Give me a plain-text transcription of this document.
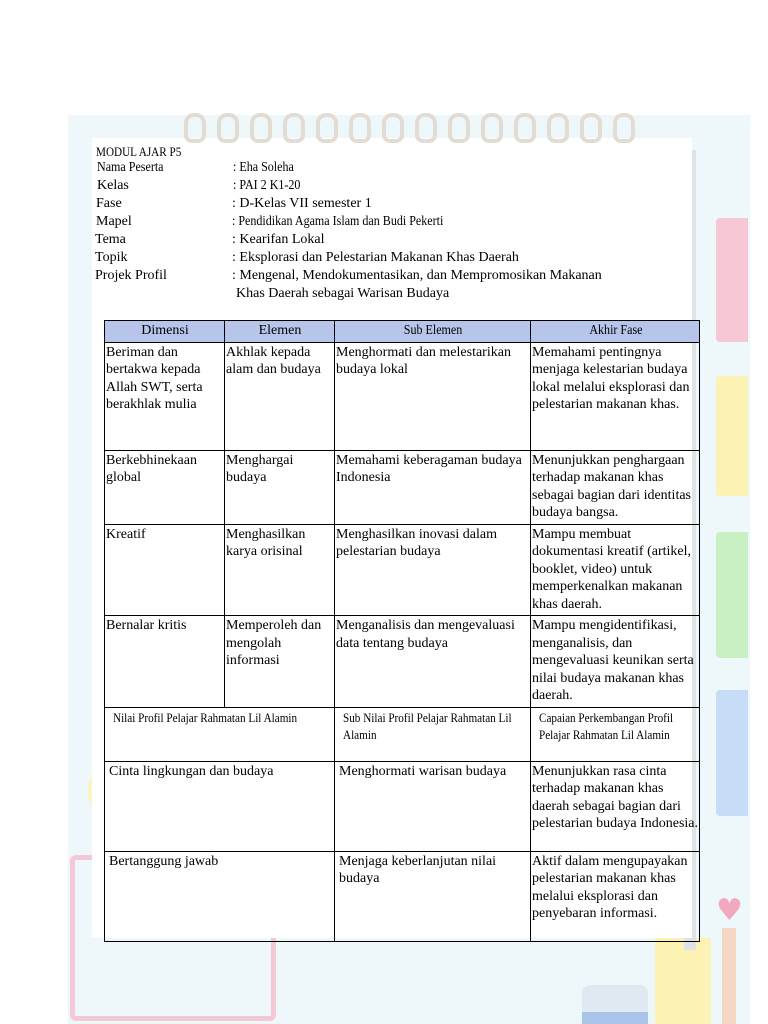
♥
MODUL AJAR P5
Nama Peserta	: Eha Soleha
Kelas	: PAI 2 K1-20
Fase	: D-Kelas VII semester 1
Mapel	: Pendidikan Agama Islam dan Budi Pekerti
Tema	: Kearifan Lokal
Topik	: Eksplorasi dan Pelestarian Makanan Khas Daerah
Projek Profil	: Mengenal, Mendokumentasikan, dan Mempromosikan Makanan
Khas Daerah sebagai Warisan Budaya
Dimensi	Elemen	Sub Elemen	Akhir Fase
Beriman dan bertakwa kepada Allah SWT, serta berakhlak mulia	Akhlak kepada alam dan budaya	Menghormati dan melestarikan budaya lokal	Memahami pentingnya menjaga kelestarian budaya lokal melalui eksplorasi dan pelestarian makanan khas.
Berkebhinekaan global	Menghargai budaya	Memahami keberagaman budaya Indonesia	Menunjukkan penghargaan terhadap makanan khas sebagai bagian dari identitas budaya bangsa.
Kreatif	Menghasilkan karya orisinal	Menghasilkan inovasi dalam pelestarian budaya	Mampu membuat dokumentasi kreatif (artikel, booklet, video) untuk memperkenalkan makanan khas daerah.
Bernalar kritis	Memperoleh dan mengolah informasi	Menganalisis dan mengevaluasi data tentang budaya	Mampu mengidentifikasi, menganalisis, dan mengevaluasi keunikan serta nilai budaya makanan khas daerah.
Nilai Profil Pelajar Rahmatan Lil Alamin		Sub Nilai Profil Pelajar Rahmatan Lil Alamin	Capaian Perkembangan Profil Pelajar Rahmatan Lil Alamin
Cinta lingkungan dan budaya		Menghormati warisan budaya	Menunjukkan rasa cinta terhadap makanan khas daerah sebagai bagian dari pelestarian budaya Indonesia.
Bertanggung jawab		Menjaga keberlanjutan nilai budaya	Aktif dalam mengupayakan pelestarian makanan khas melalui eksplorasi dan penyebaran informasi.
